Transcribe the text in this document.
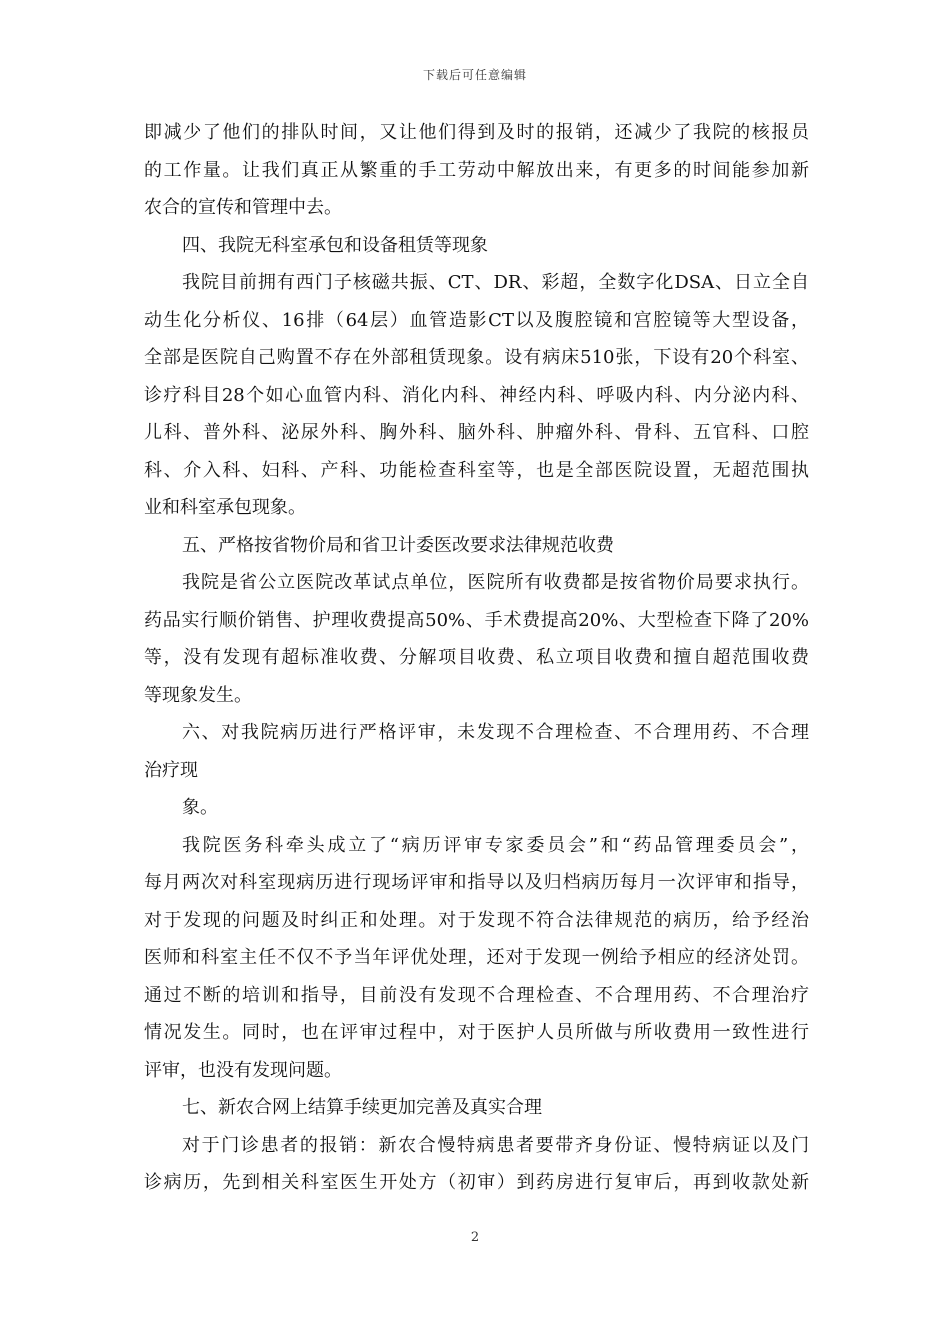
下载后可任意编辑
即减少了他们的排队时间，又让他们得到及时的报销，还减少了我院的核报员
的工作量。让我们真正从繁重的手工劳动中解放出来，有更多的时间能参加新
农合的宣传和管理中去。
四、我院无科室承包和设备租赁等现象
我院目前拥有西门子核磁共振、CT、DR、彩超，全数字化DSA、日立全自
动生化分析仪、16排（64层）血管造影CT以及腹腔镜和宫腔镜等大型设备，
全部是医院自己购置不存在外部租赁现象。设有病床510张，下设有20个科室、
诊疗科目28个如心血管内科、消化内科、神经内科、呼吸内科、内分泌内科、
儿科、普外科、泌尿外科、胸外科、脑外科、肿瘤外科、骨科、五官科、口腔
科、介入科、妇科、产科、功能检查科室等，也是全部医院设置，无超范围执
业和科室承包现象。
五、严格按省物价局和省卫计委医改要求法律规范收费
我院是省公立医院改革试点单位，医院所有收费都是按省物价局要求执行。
药品实行顺价销售、护理收费提高50%、手术费提高20%、大型检查下降了20%
等，没有发现有超标准收费、分解项目收费、私立项目收费和擅自超范围收费
等现象发生。
六、对我院病历进行严格评审，未发现不合理检查、不合理用药、不合理
治疗现
象。
我院医务科牵头成立了“病历评审专家委员会”和“药品管理委员会”，
每月两次对科室现病历进行现场评审和指导以及归档病历每月一次评审和指导，
对于发现的问题及时纠正和处理。对于发现不符合法律规范的病历，给予经治
医师和科室主任不仅不予当年评优处理，还对于发现一例给予相应的经济处罚。
通过不断的培训和指导，目前没有发现不合理检查、不合理用药、不合理治疗
情况发生。同时，也在评审过程中，对于医护人员所做与所收费用一致性进行
评审，也没有发现问题。
七、新农合网上结算手续更加完善及真实合理
对于门诊患者的报销：新农合慢特病患者要带齐身份证、慢特病证以及门
诊病历，先到相关科室医生开处方（初审）到药房进行复审后，再到收款处新
2
